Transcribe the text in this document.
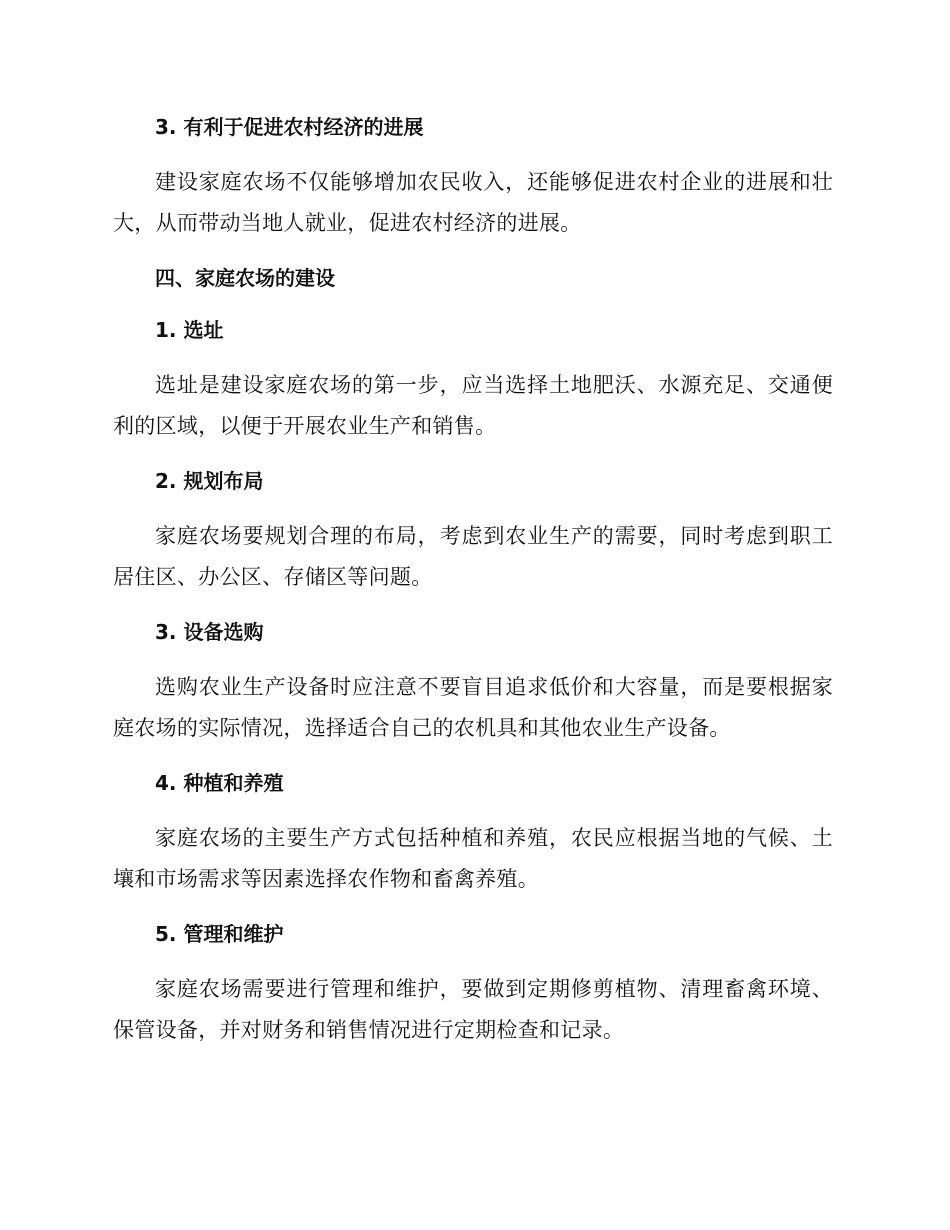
3. 有利于促进农村经济的进展

建设家庭农场不仅能够增加农民收入，还能够促进农村企业的进展和壮大，从而带动当地人就业，促进农村经济的进展。

四、家庭农场的建设
1. 选址

选址是建设家庭农场的第一步，应当选择土地肥沃、水源充足、交通便利的区域，以便于开展农业生产和销售。

2. 规划布局

家庭农场要规划合理的布局，考虑到农业生产的需要，同时考虑到职工居住区、办公区、存储区等问题。

3. 设备选购

选购农业生产设备时应注意不要盲目追求低价和大容量，而是要根据家庭农场的实际情况，选择适合自己的农机具和其他农业生产设备。

4. 种植和养殖

家庭农场的主要生产方式包括种植和养殖，农民应根据当地的气候、土壤和市场需求等因素选择农作物和畜禽养殖。

5. 管理和维护

家庭农场需要进行管理和维护，要做到定期修剪植物、清理畜禽环境、保管设备，并对财务和销售情况进行定期检查和记录。
